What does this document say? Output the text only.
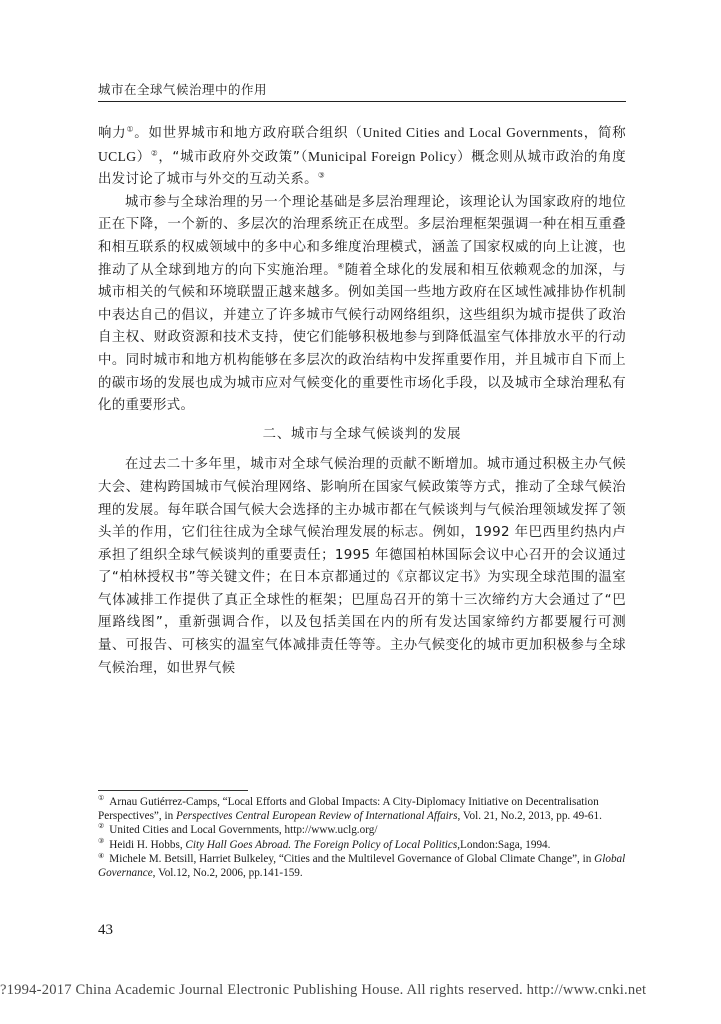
城市在全球气候治理中的作用

响力①。如世界城市和地方政府联合组织（United Cities and Local Governments，简称 UCLG）②，“城市政府外交政策”（Municipal Foreign Policy）概念则从城市政治的角度出发讨论了城市与外交的互动关系。③

城市参与全球治理的另一个理论基础是多层治理理论，该理论认为国家政府的地位正在下降，一个新的、多层次的治理系统正在成型。多层治理框架强调一种在相互重叠和相互联系的权威领域中的多中心和多维度治理模式，涵盖了国家权威的向上让渡，也推动了从全球到地方的向下实施治理。④随着全球化的发展和相互依赖观念的加深，与城市相关的气候和环境联盟正越来越多。例如美国一些地方政府在区域性减排协作机制中表达自己的倡议，并建立了许多城市气候行动网络组织，这些组织为城市提供了政治自主权、财政资源和技术支持，使它们能够积极地参与到降低温室气体排放水平的行动中。同时城市和地方机构能够在多层次的政治结构中发挥重要作用，并且城市自下而上的碳市场的发展也成为城市应对气候变化的重要性市场化手段，以及城市全球治理私有化的重要形式。

二、城市与全球气候谈判的发展

在过去二十多年里，城市对全球气候治理的贡献不断增加。城市通过积极主办气候大会、建构跨国城市气候治理网络、影响所在国家气候政策等方式，推动了全球气候治理的发展。每年联合国气候大会选择的主办城市都在气候谈判与气候治理领域发挥了领头羊的作用，它们往往成为全球气候治理发展的标志。例如，1992 年巴西里约热内卢承担了组织全球气候谈判的重要责任；1995 年德国柏林国际会议中心召开的会议通过了“柏林授权书”等关键文件；在日本京都通过的《京都议定书》为实现全球范围的温室气体减排工作提供了真正全球性的框架；巴厘岛召开的第十三次缔约方大会通过了“巴厘路线图”，重新强调合作，以及包括美国在内的所有发达国家缔约方都要履行可测量、可报告、可核实的温室气体减排责任等等。主办气候变化的城市更加积极参与全球气候治理，如世界气候

① Arnau Gutiérrez-Camps, “Local Efforts and Global Impacts: A City-Diplomacy Initiative on Decentralisation Perspectives”, in Perspectives Central European Review of International Affairs, Vol. 21, No.2, 2013, pp. 49-61.
② United Cities and Local Governments, http://www.uclg.org/
③ Heidi H. Hobbs, City Hall Goes Abroad. The Foreign Policy of Local Politics,London:Saga, 1994.
④ Michele M. Betsill, Harriet Bulkeley, “Cities and the Multilevel Governance of Global Climate Change”, in Global Governance, Vol.12, No.2, 2006, pp.141-159.
43
?1994-2017 China Academic Journal Electronic Publishing House. All rights reserved. http://www.cnki.net
